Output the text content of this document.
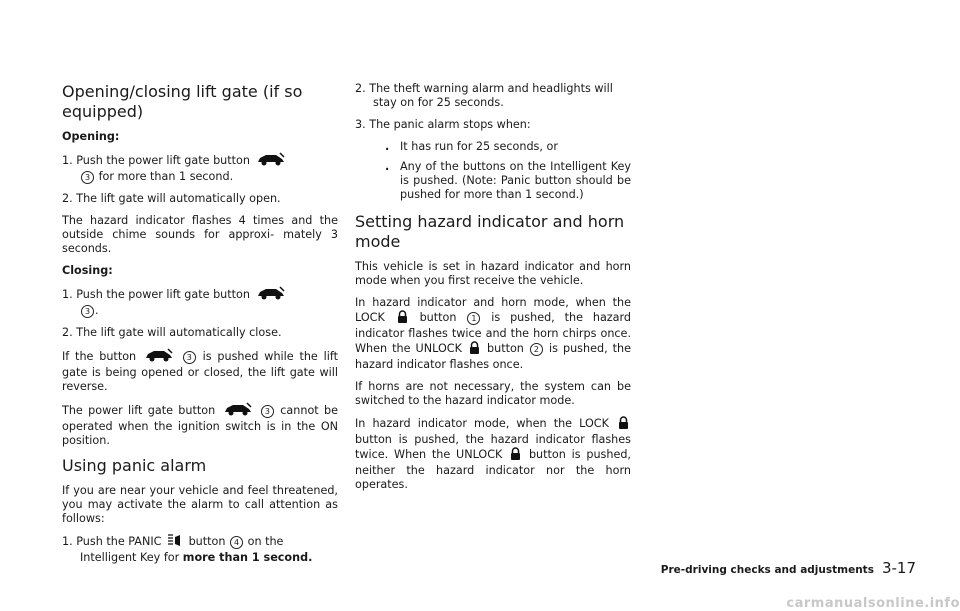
Opening/closing lift gate (if so equipped)
Opening:
1. Push the power lift gate button
3 for more than 1 second.
2. The lift gate will automatically open.

The hazard indicator flashes 4 times and the outside chime sounds for approxi- mately 3 seconds.

Closing:
1. Push the power lift gate button
3 .
2. The lift gate will automatically close.

If the button	3 is pushed while the lift gate is being opened or closed, the lift gate will reverse.

The power lift gate button	3 cannot be operated when the ignition switch is in the ON position.

Using panic alarm

If you are near your vehicle and feel threatened, you may activate the alarm to call attention as follows:

1. Push the PANIC button 4 on the Intelligent Key for more than 1 second.
2. The theft warning alarm and headlights will stay on for 25 seconds.
3. The panic alarm stops when:
. It has run for 25 seconds, or
. Any of the buttons on the Intelligent Key is pushed. (Note: Panic button should be pushed for more than 1 second.)
Setting hazard indicator and horn mode

This vehicle is set in hazard indicator and horn mode when you first receive the vehicle.

In hazard indicator and horn mode, when the LOCK	button 1 is pushed, the hazard indicator flashes twice and the horn chirps once. When the UNLOCK button 2 is pushed, the hazard indicator flashes once.

If horns are not necessary, the system can be switched to the hazard indicator mode.

In hazard indicator mode, when the LOCK  button is pushed, the hazard indicator flashes twice. When the UNLOCK button is pushed, neither the hazard indicator nor the horn operates.

Pre-driving checks and adjustments 3-17
carmanualsonline.info
